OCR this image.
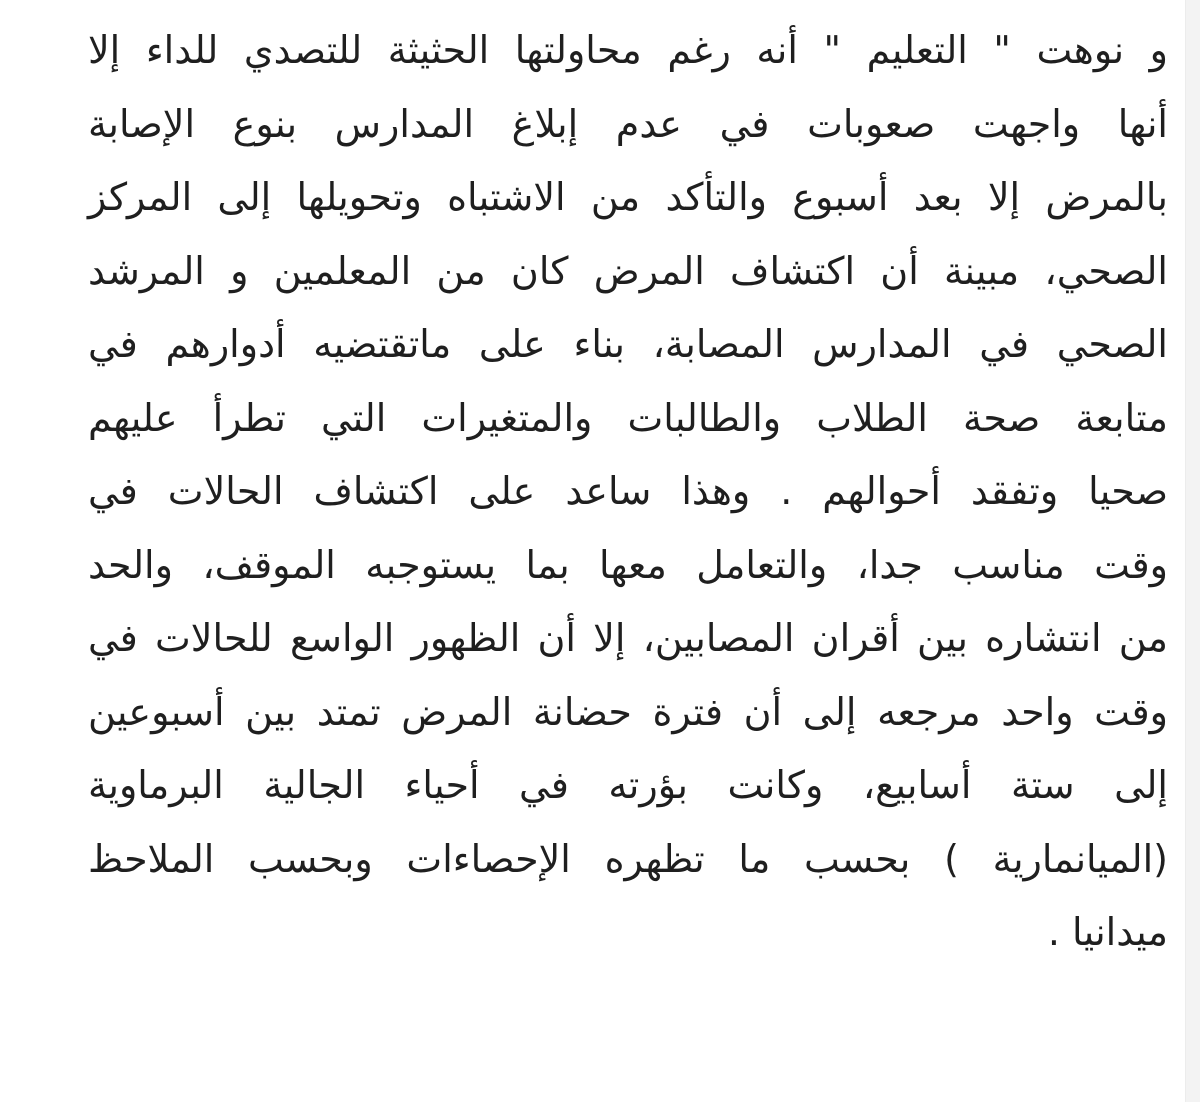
و نوهت " التعليم " أنه رغم محاولتها الحثيثة للتصدي للداء إلا
أنها واجهت صعوبات في عدم إبلاغ المدارس بنوع الإصابة
بالمرض إلا بعد أسبوع والتأكد من الاشتباه وتحويلها إلى المركز
الصحي، مبينة أن اكتشاف المرض كان من المعلمين و المرشد
الصحي في المدارس المصابة، بناء على ماتقتضيه أدوارهم في
متابعة صحة الطلاب والطالبات والمتغيرات التي تطرأ عليهم
صحيا وتفقد أحوالهم . وهذا ساعد على اكتشاف الحالات في
وقت مناسب جدا، والتعامل معها بما يستوجبه الموقف، والحد
من انتشاره بين أقران المصابين، إلا أن الظهور الواسع للحالات في
وقت واحد مرجعه إلى أن فترة حضانة المرض تمتد بين أسبوعين
إلى ستة أسابيع، وكانت بؤرته في أحياء الجالية البرماوية
(الميانمارية ) بحسب ما تظهره الإحصاءات وبحسب الملاحظ
ميدانيا .
